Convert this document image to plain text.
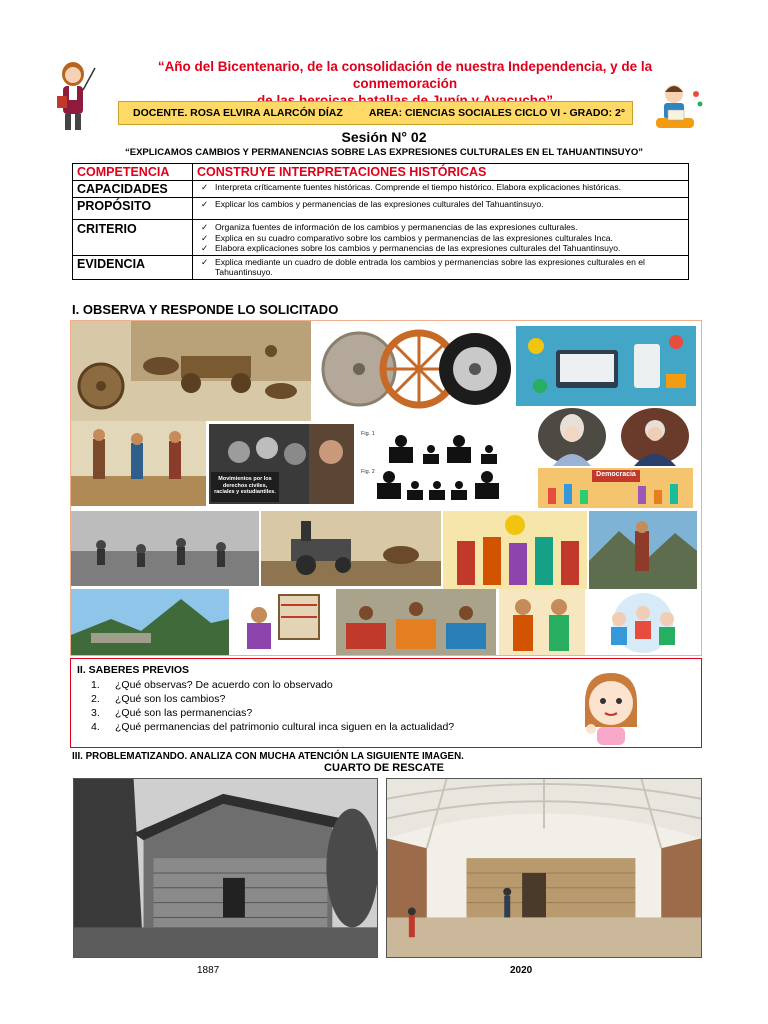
“Año del Bicentenario, de la consolidación de nuestra Independencia, y de la conmemoración
DOCENTE. ROSA ELVIRA ALARCÓN DÍAZ AREA: CIENCIAS SOCIALES CICLO VI - GRADO: 2°
Sesión N° 02
“EXPLICAMOS CAMBIOS Y PERMANENCIAS SOBRE LAS EXPRESIONES CULTURALES EN EL TAHUANTINSUYO”
COMPETENCIA	CONSTRUYE INTERPRETACIONES HISTÓRICAS
CAPACIDADES	✓ Interpreta críticamente fuentes históricas. Comprende el tiempo histórico. Elabora explicaciones históricas.
PROPÓSITO	✓ Explicar los cambios y permanencias de las expresiones culturales del Tahuantinsuyo.
CRITERIO	✓ Organiza fuentes de información de los cambios y permanencias de las expresiones culturales.
✓ Explica en su cuadro comparativo sobre los cambios y permanencias de las expresiones culturales Inca.
✓ Elabora explicaciones sobre los cambios y permanencias de las expresiones culturales del Tahuantinsuyo.

EVIDENCIA	✓ Explica mediante un cuadro de doble entrada los cambios y permanencias sobre las expresiones culturales en el Tahuantinsuyo.
I. OBSERVA Y RESPONDE LO SOLICITADO
Movimientos por los derechos civiles, raciales y estudiantiles.
Fig. 1
Fig. 2	Democracia
II. SABERES PREVIOS
1. ¿Qué observas? De acuerdo con lo observado
2. ¿Qué son los cambios?
3. ¿Qué son las permanencias?
4. ¿Qué permanencias del patrimonio cultural inca siguen en la actualidad?
III. PROBLEMATIZANDO. ANALIZA CON MUCHA ATENCIÓN LA SIGUIENTE IMAGEN.
CUARTO DE RESCATE
1887	2020
